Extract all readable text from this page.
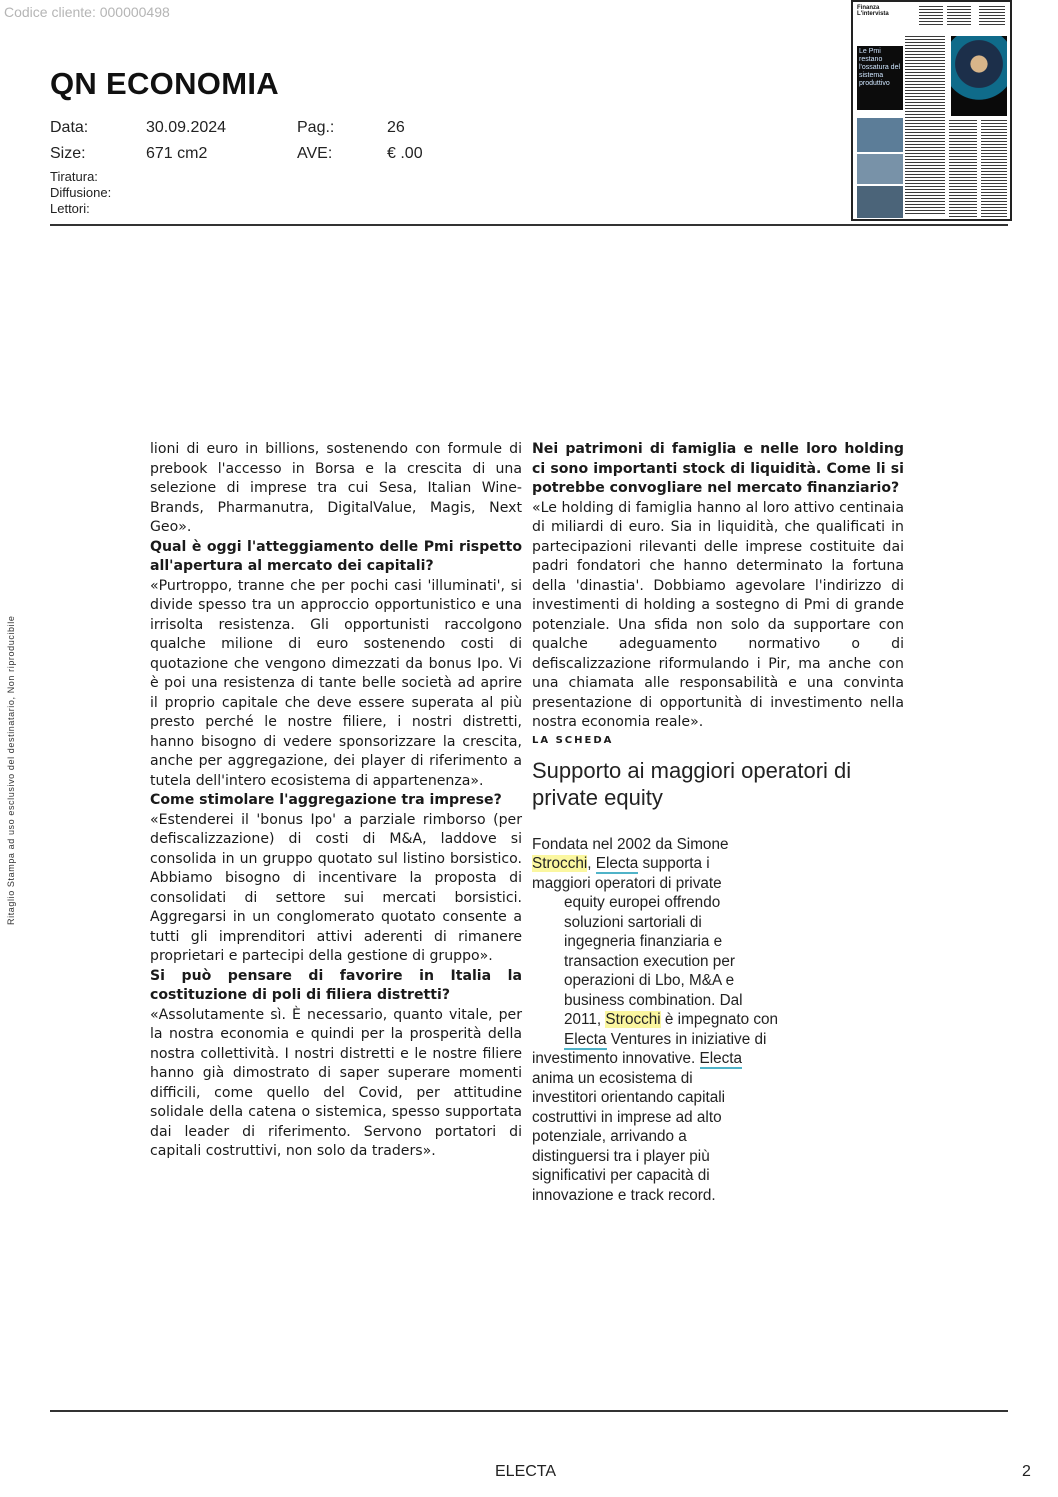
Codice cliente: 000000498
QN ECONOMIA
Data:	30.09.2024	Pag.:	26
Size:	671 cm2	AVE:	€ .00
Tiratura:
Diffusione:
Lettori:
Finanza
L'intervista
Le Pmi restano l'ossatura del sistema produttivo
Ritaglio Stampa ad uso esclusivo del destinatario, Non riproducibile

lioni di euro in billions, sostenendo con formule di prebook l'accesso in Borsa e la crescita di una selezione di imprese tra cui Sesa, Italian Wine-Brands, Pharmanutra, DigitalValue, Magis, Next Geo».

Qual è oggi l'atteggiamento delle Pmi rispetto all'apertura al mercato dei capitali?

«Purtroppo, tranne che per pochi casi 'illuminati', si divide spesso tra un approccio opportunistico e una irrisolta resistenza. Gli opportunisti raccolgono qualche milione di euro sostenendo costi di quotazione che vengono dimezzati da bonus Ipo. Vi è poi una resistenza di tante belle società ad aprire il proprio capitale che deve essere superata al più presto perché le nostre filiere, i nostri distretti, hanno bisogno di vedere sponsorizzare la crescita, anche per aggregazione, dei player di riferimento a tutela dell'intero ecosistema di appartenenza».

Come stimolare l'aggregazione tra imprese?

«Estenderei il 'bonus Ipo' a parziale rimborso (per defiscalizzazione) di costi di M&A, laddove si consolida in un gruppo quotato sul listino borsistico. Abbiamo bisogno di incentivare la proposta di consolidati di settore sui mercati borsistici. Aggregarsi in un conglomerato quotato consente a tutti gli imprenditori attivi aderenti di rimanere proprietari e partecipi della gestione di gruppo».

Si può pensare di favorire in Italia la costituzione di poli di filiera distretti?

«Assolutamente sì. È necessario, quanto vitale, per la nostra economia e quindi per la prosperità della nostra collettività. I nostri distretti e le nostre filiere hanno già dimostrato di saper superare momenti difficili, come quello del Covid, per attitudine solidale della catena o sistemica, spesso supportata dai leader di riferimento. Servono portatori di capitali costruttivi, non solo da traders».

Nei patrimoni di famiglia e nelle loro holding ci sono importanti stock di liquidità. Come li si potrebbe convogliare nel mercato finanziario?

«Le holding di famiglia hanno al loro attivo centinaia di miliardi di euro. Sia in liquidità, che qualificati in partecipazioni rilevanti delle imprese costituite dai padri fondatori che hanno determinato la fortuna della 'dinastia'. Dobbiamo agevolare l'indirizzo di investimenti di holding a sostegno di Pmi di grande potenziale. Una sfida non solo da supportare con qualche adeguamento normativo o di defiscalizzazione riformulando i Pir, ma anche con una chiamata alle responsabilità e una convinta presentazione di opportunità di investimento nella nostra economia reale».

LA SCHEDA

Supporto ai maggiori operatori di private equity
Fondata nel 2002 da Simone
Strocchi, Electa supporta i
maggiori operatori di private
equity europei offrendo
soluzioni sartoriali di
ingegneria finanziaria e
transaction execution per
operazioni di Lbo, M&A e
business combination. Dal
2011, Strocchi è impegnato con
Electa Ventures in iniziative di
investimento innovative. Electa
anima un ecosistema di
investitori orientando capitali
costruttivi in imprese ad alto
potenziale, arrivando a
distinguersi tra i player più
significativi per capacità di
innovazione e track record.
ELECTA	2
